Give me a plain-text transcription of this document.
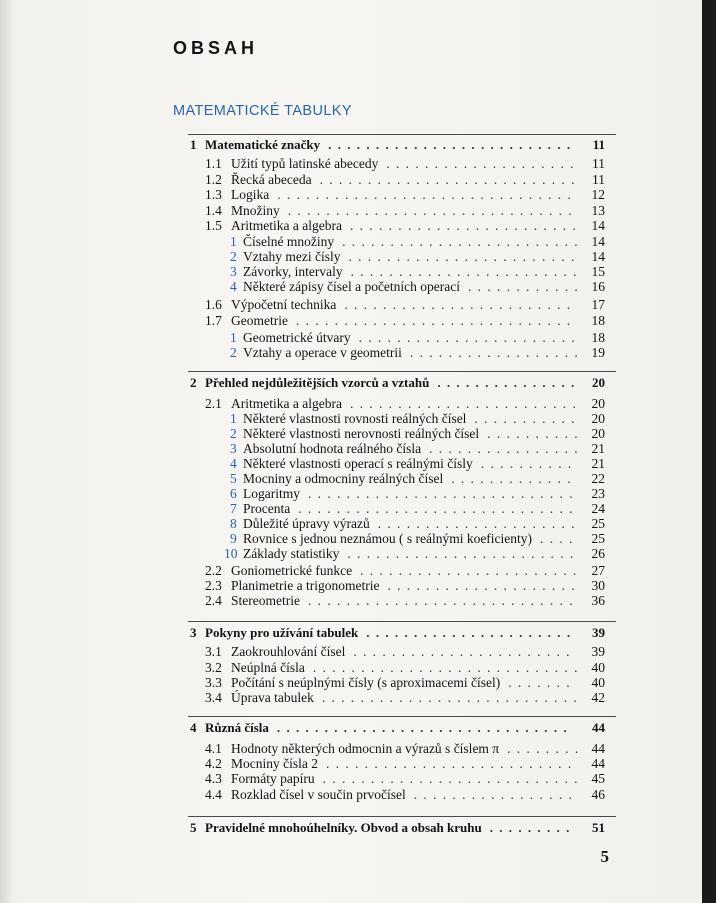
OBSAH
MATEMATICKÉ TABULKY
1 Matematické značky ..........................	11
1.1 Užití typů latinské abecedy .................... 11
1.2 Řecká abeceda ........................... 11
1.3 Logika ...............................	12
1.4 Množiny ..............................	13
1.5 Aritmetika a algebra ........................ 14
1 Číselné množiny ......................... 14
2 Vztahy mezi čísly ........................ 14
3 Závorky, intervaly ........................ 15
4 Některé zápisy čísel a početních operací ............ 16
1.6 Výpočetní technika ........................	17
1.7 Geometrie .............................	18
1 Geometrické útvary ....................... 18
2 Vztahy a operace v geometrii .................. 19
2 Přehled nejdůležitějších vzorců a vztahů ............... 20
2.1 Aritmetika a algebra ........................ 20
1 Některé vlastnosti rovnosti reálných čísel ........... 20
2 Některé vlastnosti nerovnosti reálných čísel .......... 20
3 Absolutní hodnota reálného čísla ................ 21
4 Některé vlastnosti operací s reálnými čísly ..........	21
5 Mocniny a odmocniny reálných čísel .............	22
6 Logaritmy ............................ 23
7 Procenta ............................. 24
8 Důležité úpravy výrazů ..................... 25
9 Rovnice s jednou neznámou ( s reálnými koeficienty) .... 25
10 Základy statistiky ........................ 26
2.2 Goniometrické funkce ....................... 27
2.3 Planimetrie a trigonometrie .................... 30
2.4 Stereometrie ............................ 36
3 Pokyny pro užívání tabulek ......................	39
3.1 Zaokrouhlování čísel .......................	39
3.2 Neúplná čísla ............................ 40
3.3 Počítání s neúplnými čísly (s aproximacemi čísel) .......	40
3.4 Úprava tabulek ........................... 42
4 Různá čísla ...............................	44
4.1 Hodnoty některých odmocnin a výrazů s číslem π ........ 44
4.2 Mocniny čísla 2 ..........................	44
4.3 Formáty papíru ........................... 45
4.4 Rozklad čísel v součin prvočísel ................. 46
5 Pravidelné mnohoúhelníky. Obvod a obsah kruhu .........	51
5
